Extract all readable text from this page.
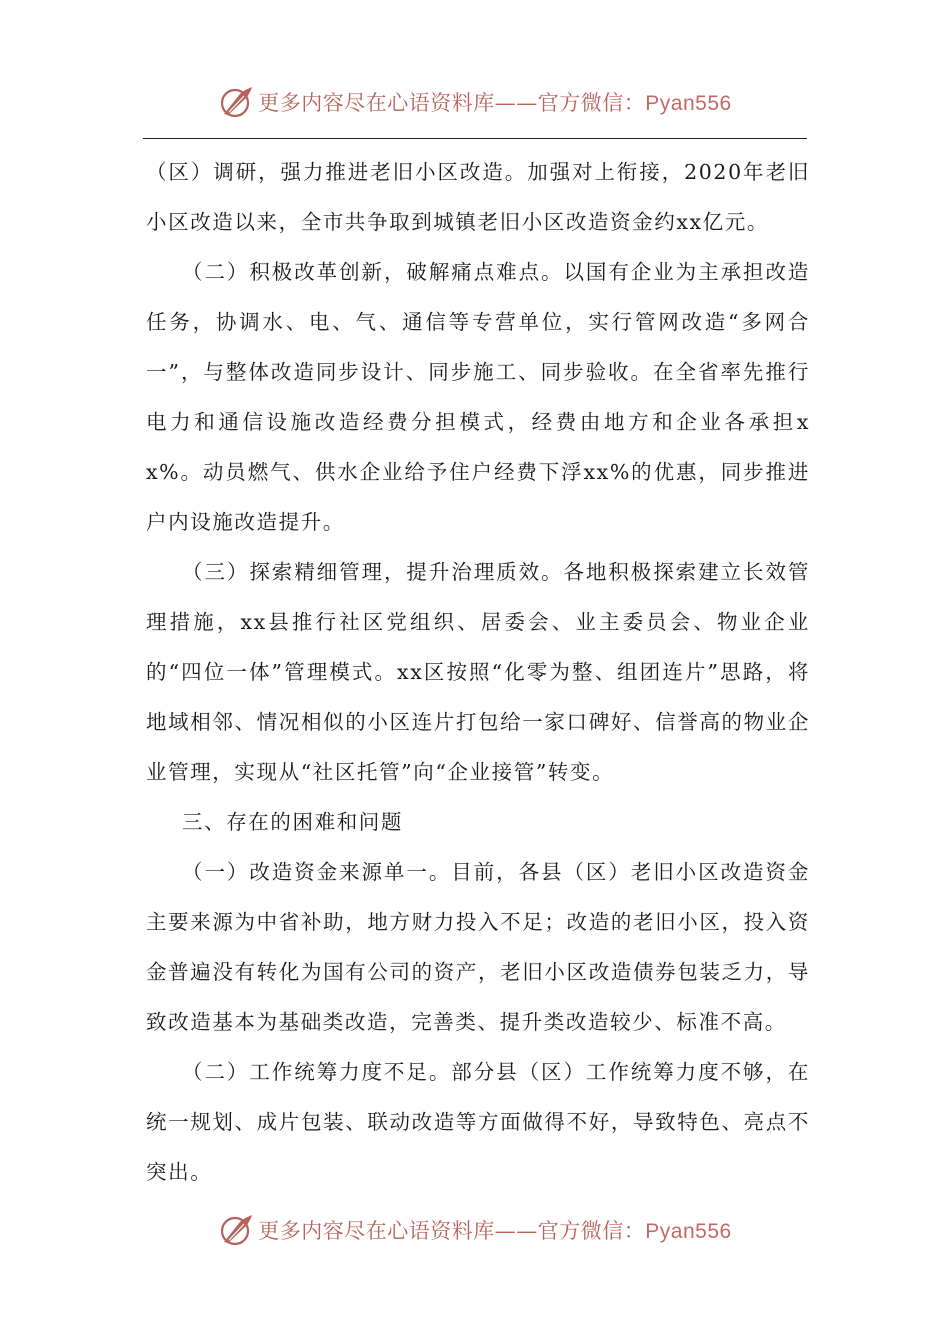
更多内容尽在心语资料库——官方微信：Pyan556

（区）调研，强力推进老旧小区改造。加强对上衔接，2020年老旧小区改造以来，全市共争取到城镇老旧小区改造资金约xx亿元。

（二）积极改革创新，破解痛点难点。以国有企业为主承担改造任务，协调水、电、气、通信等专营单位，实行管网改造“多网合一”，与整体改造同步设计、同步施工、同步验收。在全省率先推行电力和通信设施改造经费分担模式，经费由地方和企业各承担xx%。动员燃气、供水企业给予住户经费下浮xx%的优惠，同步推进户内设施改造提升。

（三）探索精细管理，提升治理质效。各地积极探索建立长效管理措施，xx县推行社区党组织、居委会、业主委员会、物业企业的“四位一体”管理模式。xx区按照“化零为整、组团连片”思路，将地域相邻、情况相似的小区连片打包给一家口碑好、信誉高的物业企业管理，实现从“社区托管”向“企业接管”转变。

三、存在的困难和问题

（一）改造资金来源单一。目前，各县（区）老旧小区改造资金主要来源为中省补助，地方财力投入不足；改造的老旧小区，投入资金普遍没有转化为国有公司的资产，老旧小区改造债券包装乏力，导致改造基本为基础类改造，完善类、提升类改造较少、标准不高。

（二）工作统筹力度不足。部分县（区）工作统筹力度不够，在统一规划、成片包装、联动改造等方面做得不好，导致特色、亮点不突出。

更多内容尽在心语资料库——官方微信：Pyan556
